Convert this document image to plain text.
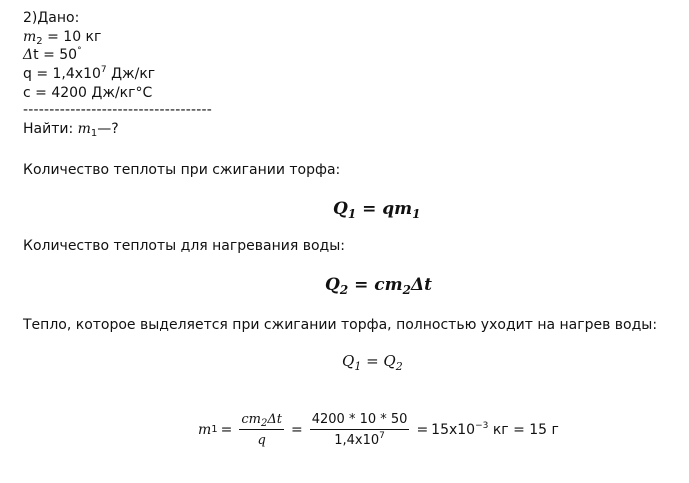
2)Дано:
$m_2 = 10$ кг
Δt = 50°
$q = 1,4х10^7$ Дж/кг
с = 4200 Дж/кг°С
------------------------------------
Найти: $m_1—$?
Количество теплоты при сжигании торфа:
$Q_1 = qm_1$
Количество теплоты для нагревания воды:
$Q_2 = cm_2\Delta t$
Тепло, которое выделяется при сжигании торфа, полностью уходит на нагрев воды:
$Q_1 = Q_2$
m $1 = \frac{cm_2\Delta t}{q} = \frac{4200 * 10 * 50}{1,4х10^7} = 15х10^{-3}$ кг = 15 г
